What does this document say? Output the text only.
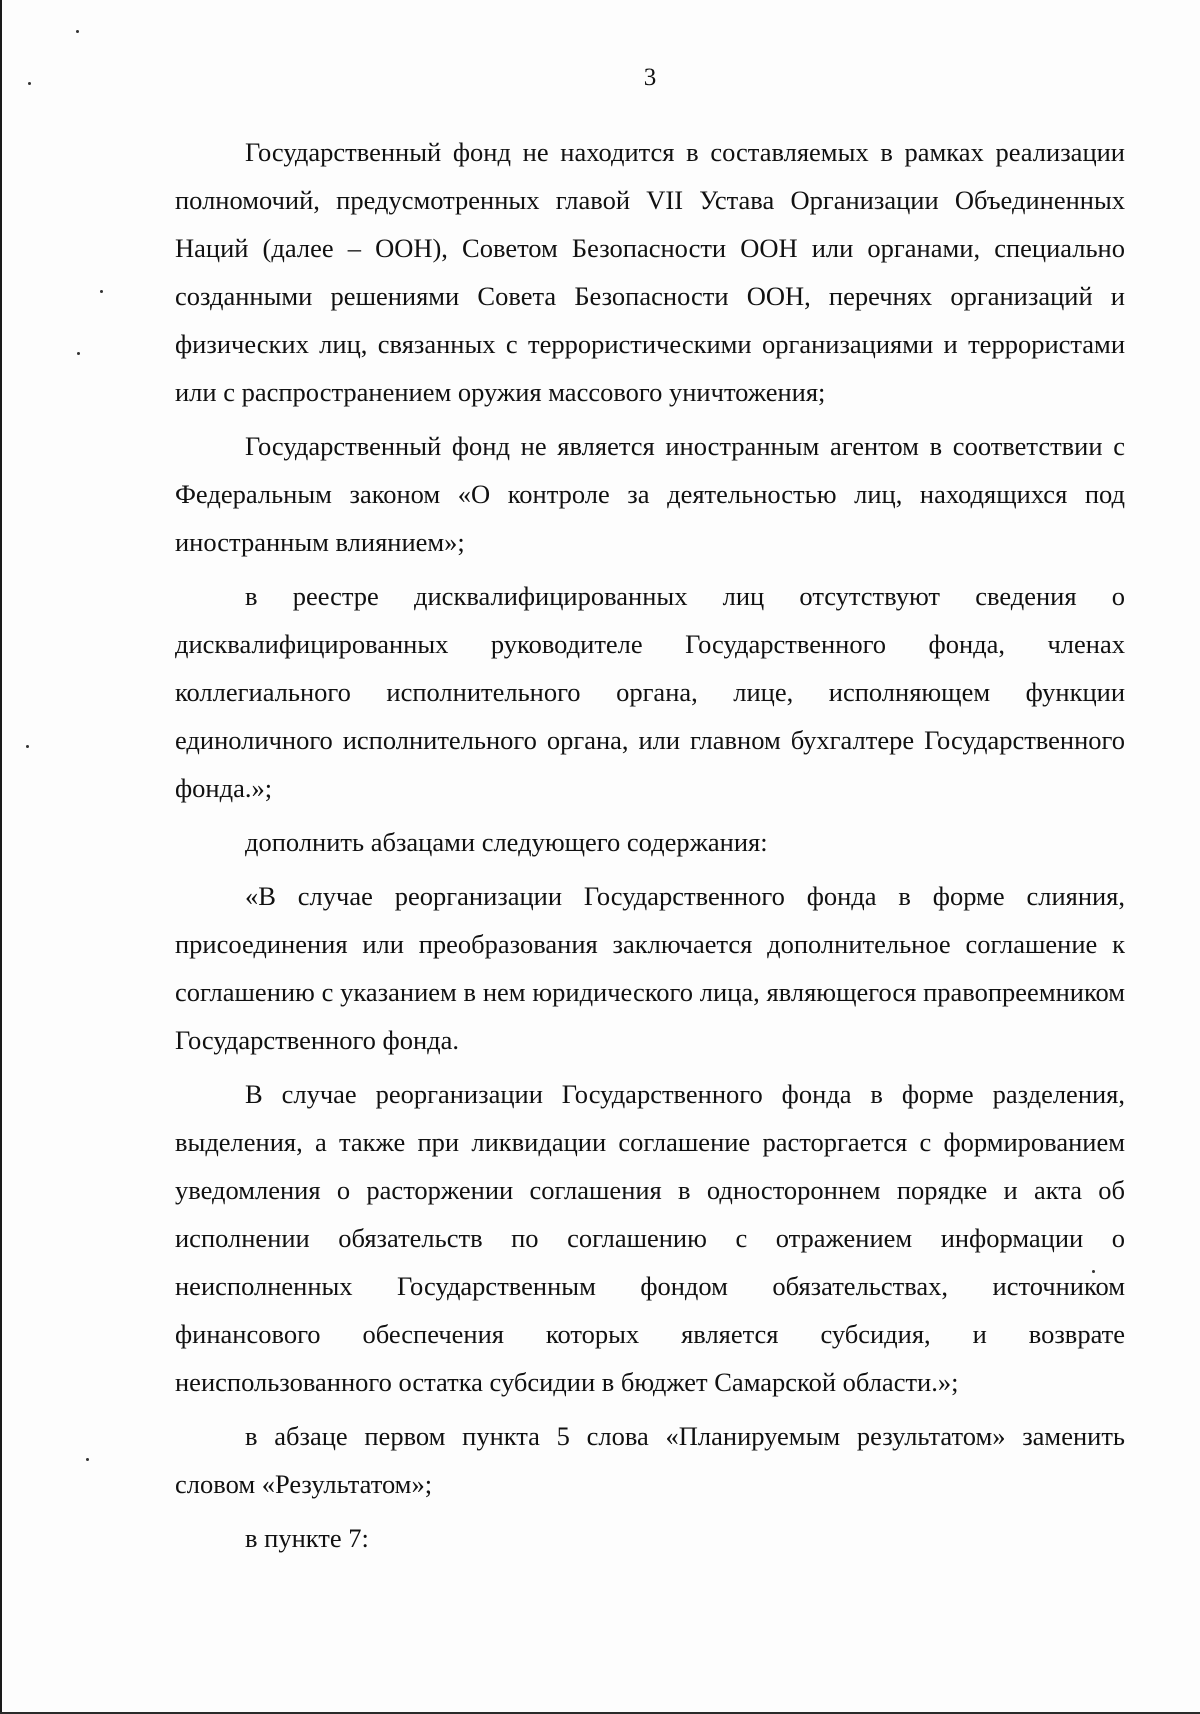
3

Государственный фонд не находится в составляемых в рамках реализации полномочий, предусмотренных главой VII Устава Организации Объединенных Наций (далее – ООН), Советом Безопасности ООН или органами, специально созданными решениями Совета Безопасности ООН, перечнях организаций и физических лиц, связанных с террористическими организациями и террористами или с распространением оружия массового уничтожения;

Государственный фонд не является иностранным агентом в соответствии с Федеральным законом «О контроле за деятельностью лиц, находящихся под иностранным влиянием»;

в реестре дисквалифицированных лиц отсутствуют сведения о дисквалифицированных руководителе Государственного фонда, членах коллегиального исполнительного органа, лице, исполняющем функции единоличного исполнительного органа, или главном бухгалтере Государственного фонда.»;

дополнить абзацами следующего содержания:

«В случае реорганизации Государственного фонда в форме слияния, присоединения или преобразования заключается дополнительное соглашение к соглашению с указанием в нем юридического лица, являющегося правопреемником Государственного фонда.

В случае реорганизации Государственного фонда в форме разделения, выделения, а также при ликвидации соглашение расторгается с формированием уведомления о расторжении соглашения в одностороннем порядке и акта об исполнении обязательств по соглашению с отражением информации о неисполненных Государственным фондом обязательствах, источником финансового обеспечения которых является субсидия, и возврате неиспользованного остатка субсидии в бюджет Самарской области.»;

в абзаце первом пункта 5 слова «Планируемым результатом» заменить словом «Результатом»;

в пункте 7:
